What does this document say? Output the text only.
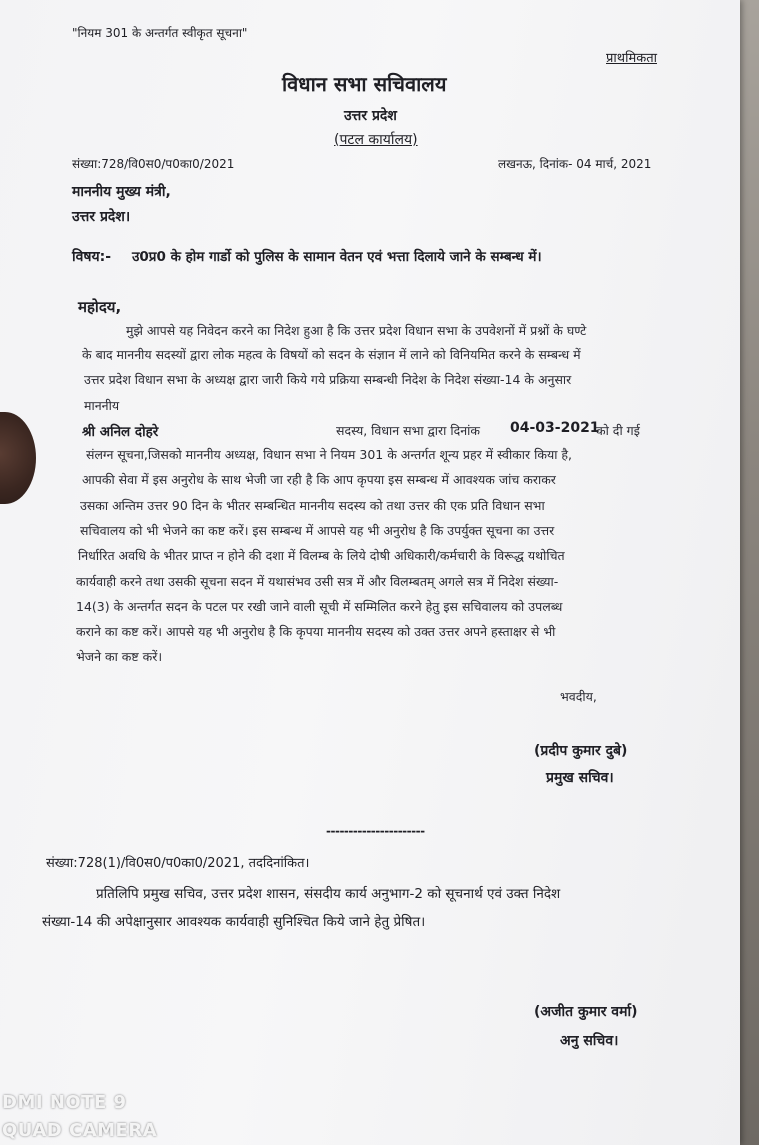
"नियम 301 के अन्तर्गत स्वीकृत सूचना"
प्राथमिकता
विधान सभा सचिवालय
उत्तर प्रदेश
(पटल कार्यालय)
संख्या:728/वि0स0/प0का0/2021	लखनऊ, दिनांक- 04 मार्च, 2021
माननीय मुख्य मंत्री,
उत्तर प्रदेश।
विषय:- उ0प्र0 के होम गार्डो को पुलिस के सामान वेतन एवं भत्ता दिलाये जाने के सम्बन्ध में।
महोदय,
मुझे आपसे यह निवेदन करने का निदेश हुआ है कि उत्तर प्रदेश विधान सभा के उपवेशनों में प्रश्नों के घण्टे
के बाद माननीय सदस्यों द्वारा लोक महत्व के विषयों को सदन के संज्ञान में लाने को विनियमित करने के सम्बन्ध में
उत्तर प्रदेश विधान सभा के अध्यक्ष द्वारा जारी किये गये प्रक्रिया सम्बन्धी निदेश के निदेश संख्या-14 के अनुसार
माननीय
श्री अनिल दोहरे	सदस्य, विधान सभा द्वारा दिनांक 04-03-2021
को दी गई
संलग्न सूचना,जिसको माननीय अध्यक्ष, विधान सभा ने नियम 301 के अन्तर्गत शून्य प्रहर में स्वीकार किया है,
आपकी सेवा में इस अनुरोध के साथ भेजी जा रही है कि आप कृपया इस सम्बन्ध में आवश्यक जांच कराकर
उसका अन्तिम उत्तर 90 दिन के भीतर सम्बन्धित माननीय सदस्य को तथा उत्तर की एक प्रति विधान सभा
सचिवालय को भी भेजने का कष्ट करें। इस सम्बन्ध में आपसे यह भी अनुरोध है कि उपर्युक्त सूचना का उत्तर
निर्धारित अवधि के भीतर प्राप्त न होने की दशा में विलम्ब के लिये दोषी अधिकारी/कर्मचारी के विरूद्ध यथोचित
कार्यवाही करने तथा उसकी सूचना सदन में यथासंभव उसी सत्र में और विलम्बतम् अगले सत्र में निदेश संख्या-
14(3) के अन्तर्गत सदन के पटल पर रखी जाने वाली सूची में सम्मिलित करने हेतु इस सचिवालय को उपलब्ध
कराने का कष्ट करें। आपसे यह भी अनुरोध है कि कृपया माननीय सदस्य को उक्त उत्तर अपने हस्ताक्षर से भी
भेजने का कष्ट करें।
भवदीय,
(प्रदीप कुमार दुबे)
प्रमुख सचिव।
----------------------
संख्या:728(1)/वि0स0/प0का0/2021, तददिनांकित।
प्रतिलिपि प्रमुख सचिव, उत्तर प्रदेश शासन, संसदीय कार्य अनुभाग-2 को सूचनार्थ एवं उक्त निदेश
संख्या-14 की अपेक्षानुसार आवश्यक कार्यवाही सुनिश्चित किये जाने हेतु प्रेषित।
(अजीत कुमार वर्मा)
अनु सचिव।
DMI NOTE 9
QUAD CAMERA
